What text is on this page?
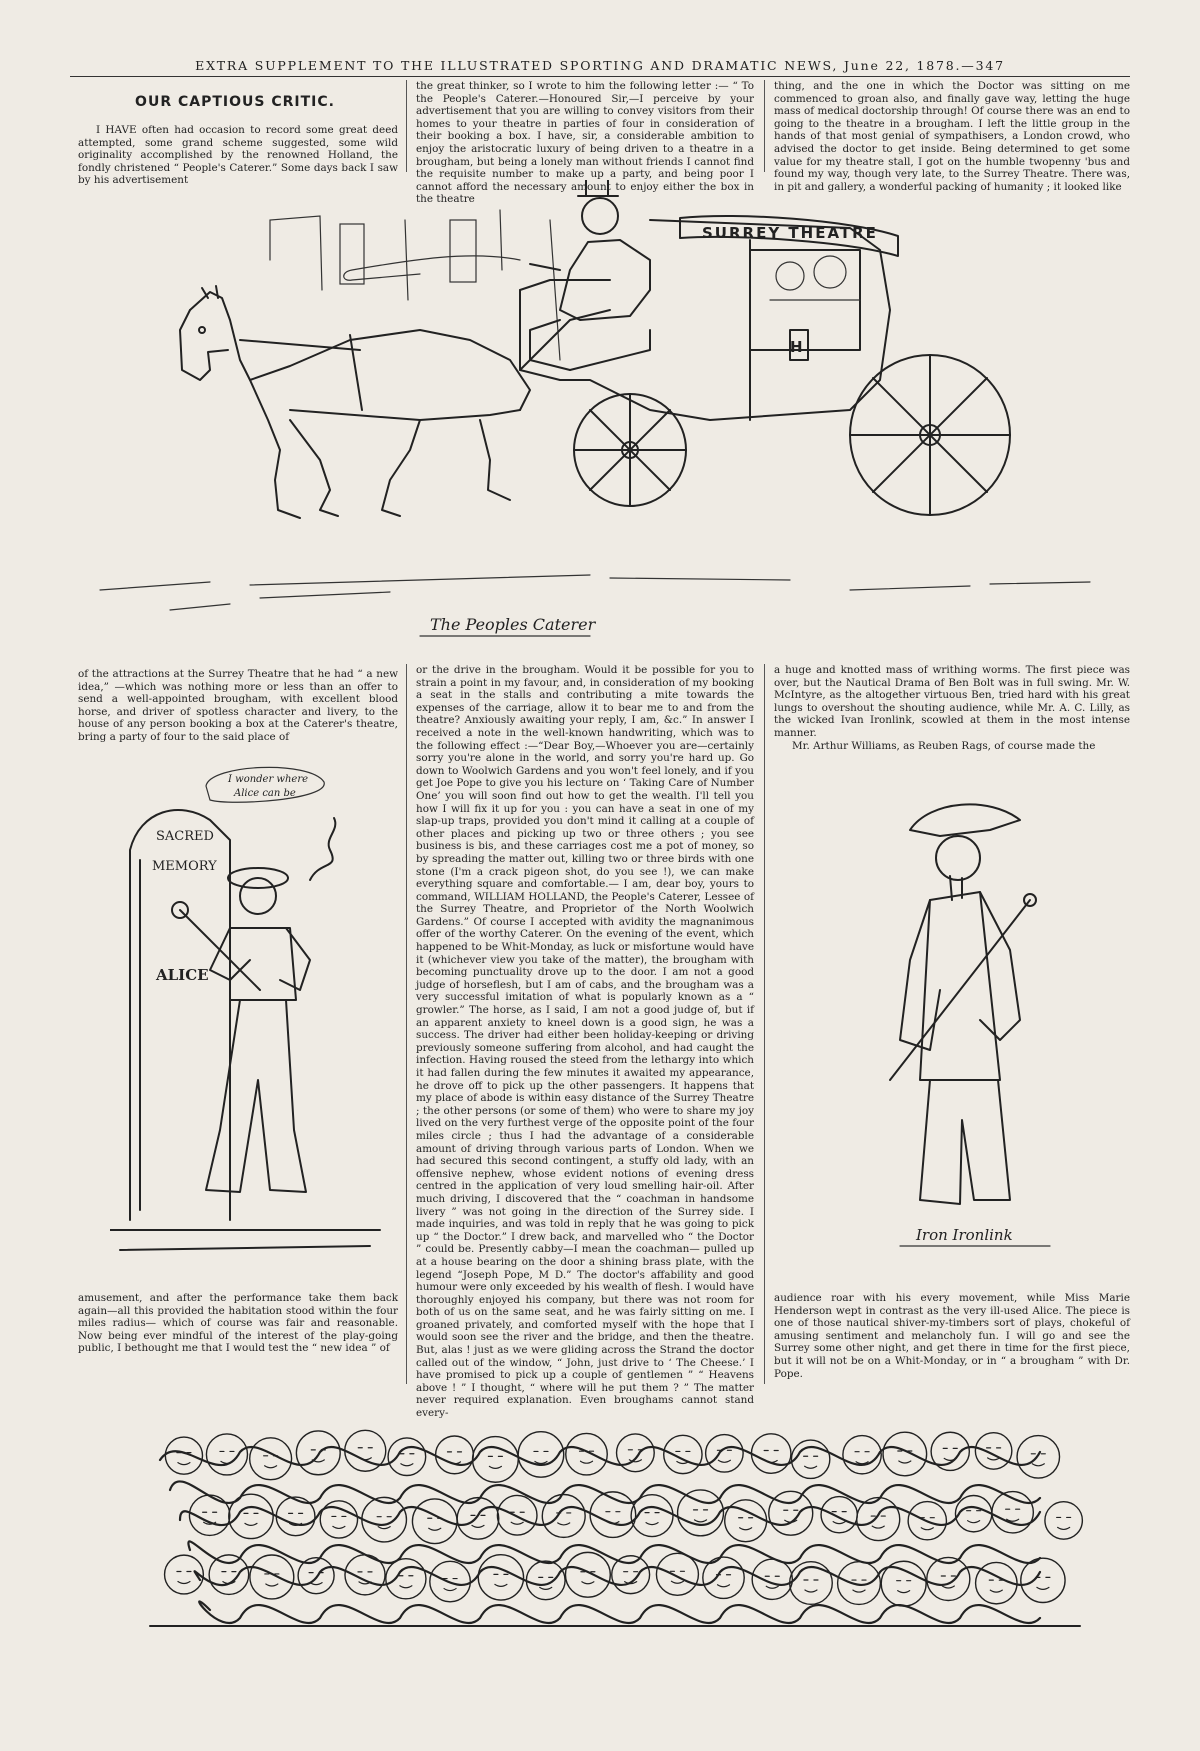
EXTRA SUPPLEMENT TO THE ILLUSTRATED SPORTING AND DRAMATIC NEWS, June 22, 1878.—347
OUR CAPTIOUS CRITIC.

I HAVE often had occasion to record some great deed attempted, some grand scheme suggested, some wild originality accomplished by the renowned Holland, the fondly christened “ People's Caterer.” Some days back I saw by his advertisement

the great thinker, so I wrote to him the following letter :— “ To the People's Caterer.—Honoured Sir,—I perceive by your advertisement that you are willing to convey visitors from their homes to your theatre in parties of four in consideration of their booking a box. I have, sir, a considerable ambition to enjoy the aristocratic luxury of being driven to a theatre in a brougham, but being a lonely man without friends I cannot find the requisite number to make up a party, and being poor I cannot afford the necessary amount to enjoy either the box in the theatre

thing, and the one in which the Doctor was sitting on me commenced to groan also, and finally gave way, letting the huge mass of medical doctorship through! Of course there was an end to going to the theatre in a brougham. I left the little group in the hands of that most genial of sympathisers, a London crowd, who advised the doctor to get inside. Being determined to get some value for my theatre stall, I got on the humble twopenny 'bus and found my way, though very late, to the Surrey Theatre. There was, in pit and gallery, a wonderful packing of humanity ; it looked like

SURREY THEATRE
H
The Peoples Caterer

of the attractions at the Surrey Theatre that he had “ a new idea,” —which was nothing more or less than an offer to send a well-appointed brougham, with excellent blood horse, and driver of spotless character and livery, to the house of any person booking a box at the Caterer's theatre, bring a party of four to the said place of

or the drive in the brougham. Would it be possible for you to strain a point in my favour, and, in consideration of my booking a seat in the stalls and contributing a mite towards the expenses of the carriage, allow it to bear me to and from the theatre? Anxiously awaiting your reply, I am, &c.” In answer I received a note in the well-known handwriting, which was to the following effect :—“Dear Boy,—Whoever you are—certainly sorry you're alone in the world, and sorry you're hard up. Go down to Woolwich Gardens and you won't feel lonely, and if you get Joe Pope to give you his lecture on ‘ Taking Care of Number One’ you will soon find out how to get the wealth. I'll tell you how I will fix it up for you : you can have a seat in one of my slap-up traps, provided you don't mind it calling at a couple of other places and picking up two or three others ; you see business is bis, and these carriages cost me a pot of money, so by spreading the matter out, killing two or three birds with one stone (I'm a crack pigeon shot, do you see !), we can make everything square and comfortable.— I am, dear boy, yours to command, WILLIAM HOLLAND, the People's Caterer, Lessee of the Surrey Theatre, and Proprietor of the North Woolwich Gardens.” Of course I accepted with avidity the magnanimous offer of the worthy Caterer. On the evening of the event, which happened to be Whit-Monday, as luck or misfortune would have it (whichever view you take of the matter), the brougham with becoming punctuality drove up to the door. I am not a good judge of horseflesh, but I am of cabs, and the brougham was a very successful imitation of what is popularly known as a “ growler.” The horse, as I said, I am not a good judge of, but if an apparent anxiety to kneel down is a good sign, he was a success. The driver had either been holiday-keeping or driving previously someone suffering from alcohol, and had caught the infection. Having roused the steed from the lethargy into which it had fallen during the few minutes it awaited my appearance, he drove off to pick up the other passengers. It happens that my place of abode is within easy distance of the Surrey Theatre ; the other persons (or some of them) who were to share my joy lived on the very furthest verge of the opposite point of the four miles circle ; thus I had the advantage of a considerable amount of driving through various parts of London. When we had secured this second contingent, a stuffy old lady, with an offensive nephew, whose evident notions of evening dress centred in the application of very loud smelling hair-oil. After much driving, I discovered that the “ coachman in handsome livery ” was not going in the direction of the Surrey side. I made inquiries, and was told in reply that he was going to pick up “ the Doctor.” I drew back, and marvelled who “ the Doctor ” could be. Presently cabby—I mean the coachman— pulled up at a house bearing on the door a shining brass plate, with the legend “Joseph Pope, M D.” The doctor's affability and good humour were only exceeded by his wealth of flesh. I would have thoroughly enjoyed his company, but there was not room for both of us on the same seat, and he was fairly sitting on me. I groaned privately, and comforted myself with the hope that I would soon see the river and the bridge, and then the theatre. But, alas ! just as we were gliding across the Strand the doctor called out of the window, “ John, just drive to ‘ The Cheese.’ I have promised to pick up a couple of gentlemen ” “ Heavens above ! ” I thought, “ where will he put them ? ” The matter never required explanation. Even broughams cannot stand every-

a huge and knotted mass of writhing worms. The first piece was over, but the Nautical Drama of Ben Bolt was in full swing. Mr. W. McIntyre, as the altogether virtuous Ben, tried hard with his great lungs to overshout the shouting audience, while Mr. A. C. Lilly, as the wicked Ivan Ironlink, scowled at them in the most intense manner.

Mr. Arthur Williams, as Reuben Rags, of course made the

SACRED
MEMORY
ALICE
I wonder where
Alice can be
Iron Ironlink

amusement, and after the performance take them back again—all this provided the habitation stood within the four miles radius— which of course was fair and reasonable. Now being ever mindful of the interest of the play-going public, I bethought me that I would test the “ new idea ” of

audience roar with his every movement, while Miss Marie Henderson wept in contrast as the very ill-used Alice. The piece is one of those nautical shiver-my-timbers sort of plays, chokeful of amusing sentiment and melancholy fun. I will go and see the Surrey some other night, and get there in time for the first piece, but it will not be on a Whit-Monday, or in “ a brougham ” with Dr. Pope.
